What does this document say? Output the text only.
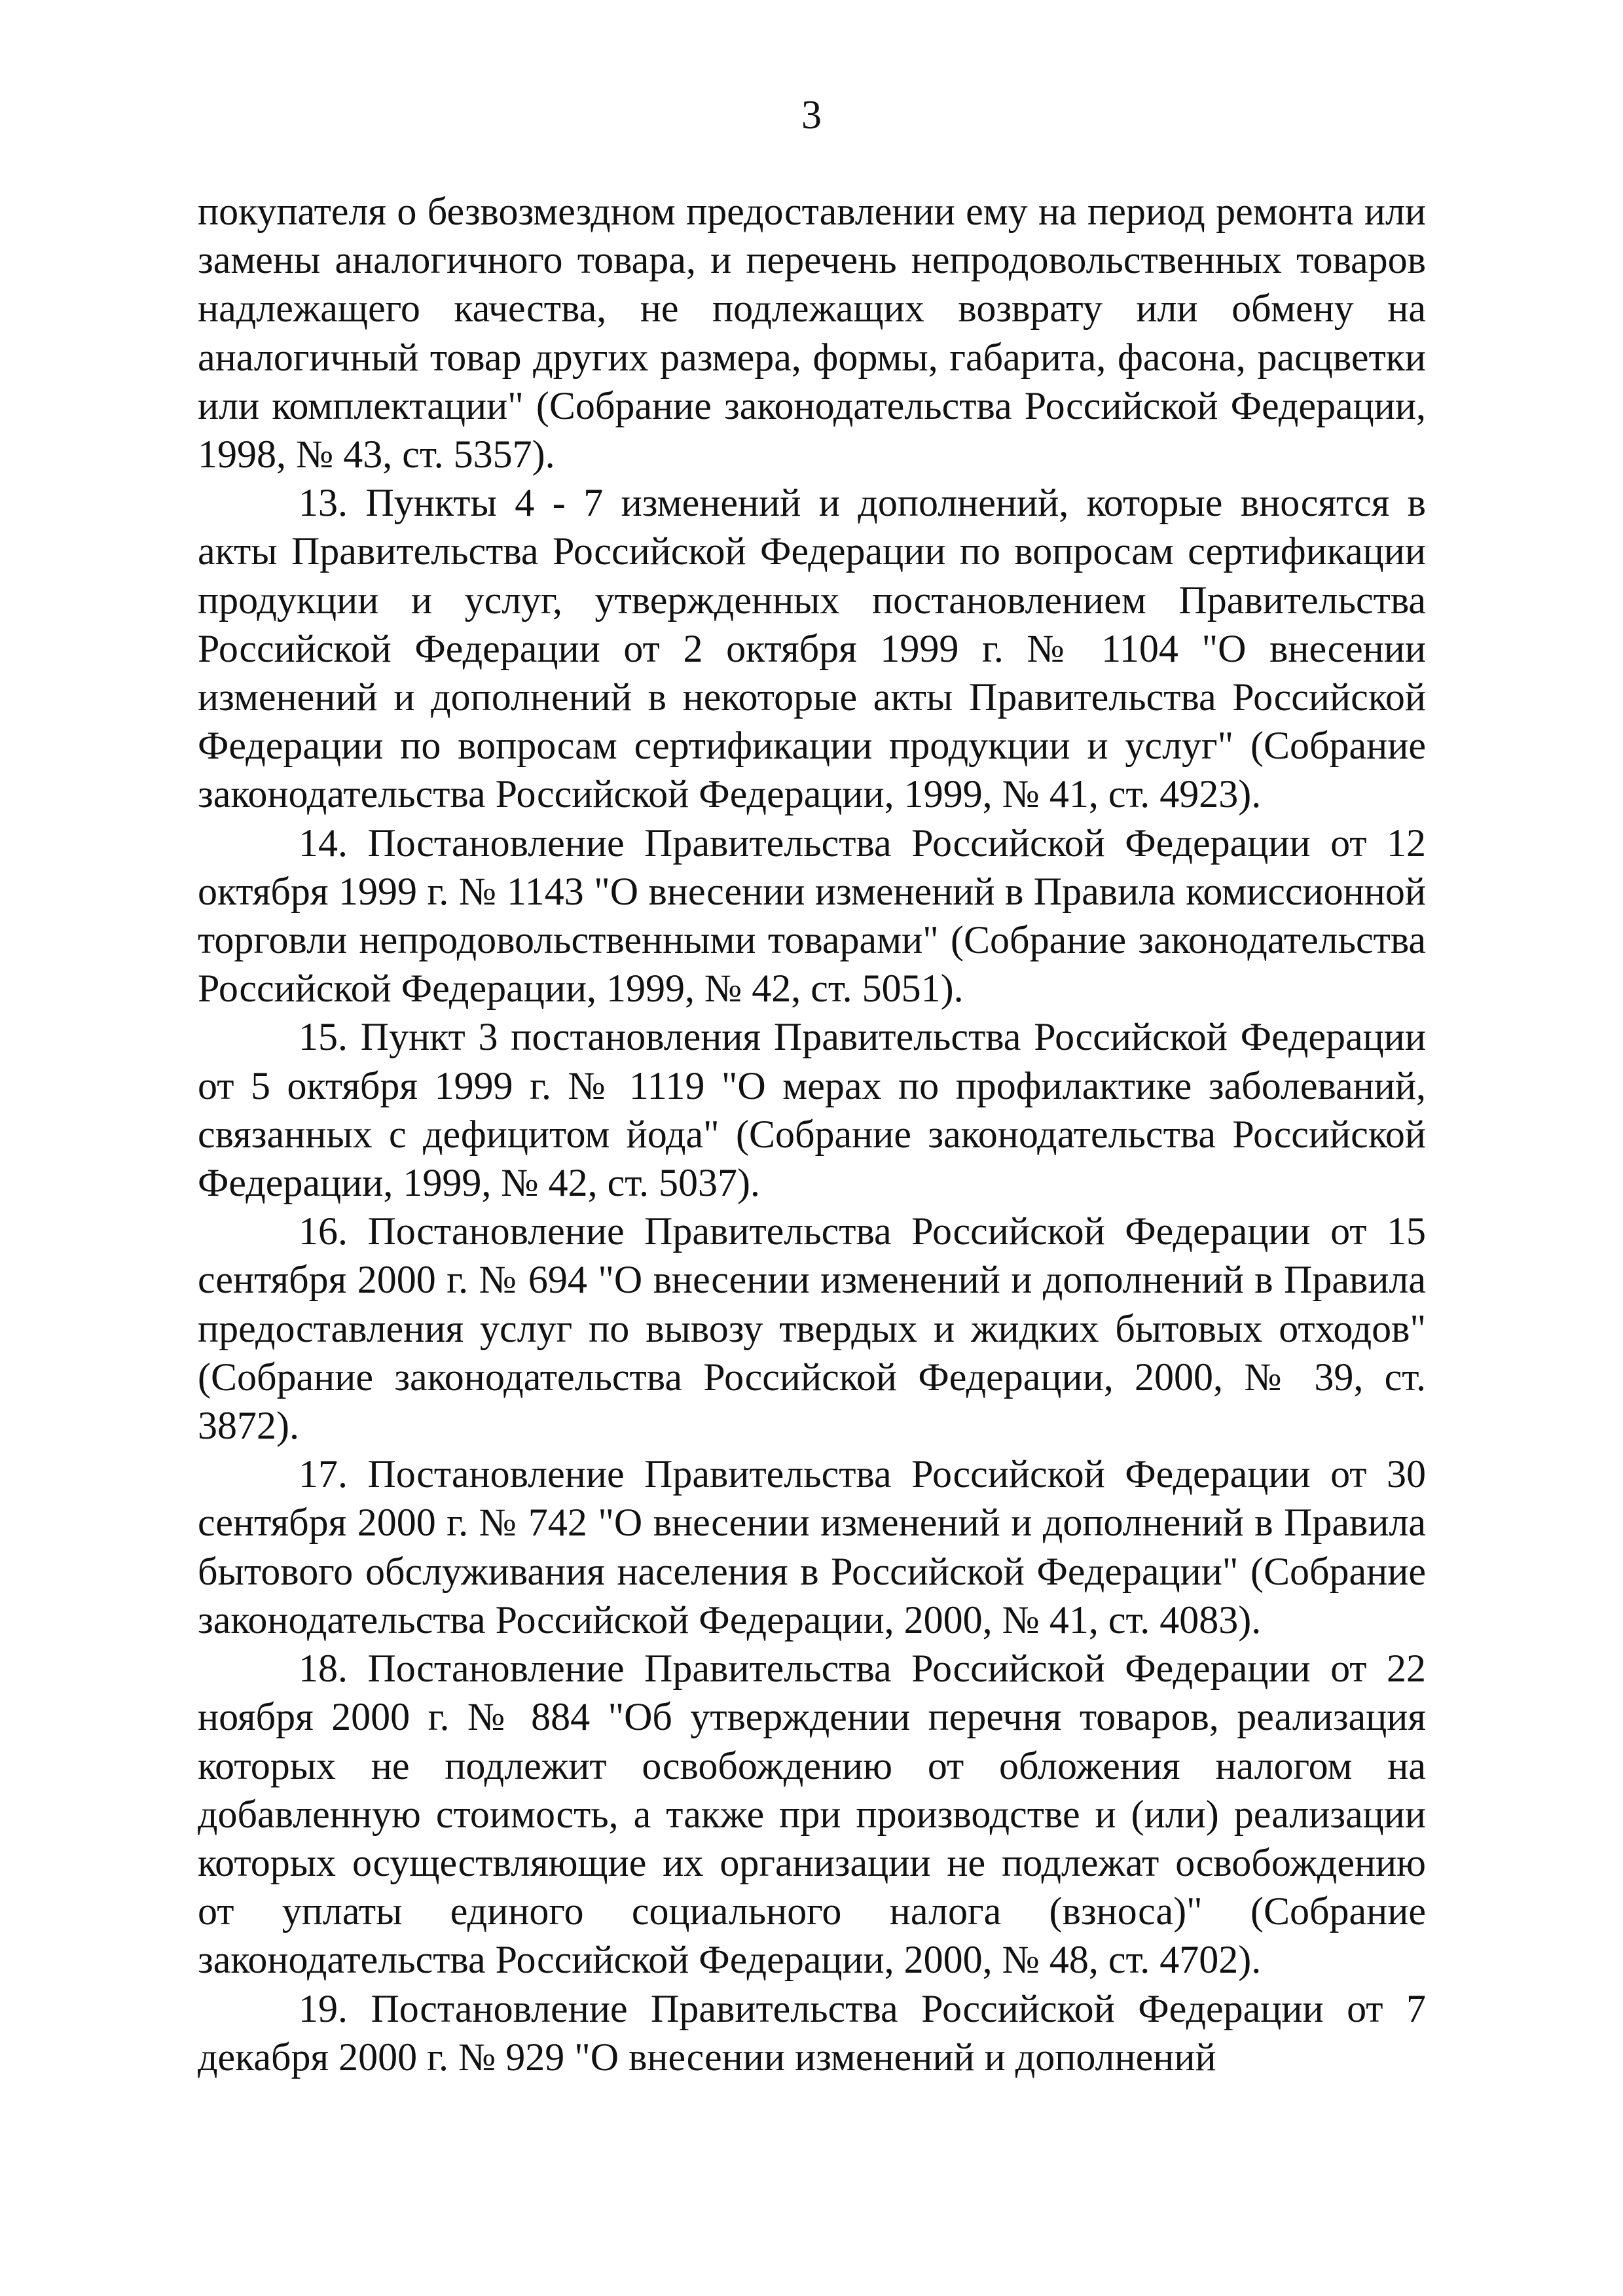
3

покупателя о безвозмездном предоставлении ему на период ремонта или замены аналогичного товара, и перечень непродовольственных товаров надлежащего качества, не подлежащих возврату или обмену на аналогичный товар других размера, формы, габарита, фасона, расцветки или комплектации" (Собрание законодательства Российской Федерации, 1998, № 43, ст. 5357).

13. Пункты 4 - 7 изменений и дополнений, которые вносятся в акты Правительства Российской Федерации по вопросам сертификации продукции и услуг, утвержденных постановлением Правительства Российской Федерации от 2 октября 1999 г. № 1104 "О внесении изменений и дополнений в некоторые акты Правительства Российской Федерации по вопросам сертификации продукции и услуг" (Собрание законодательства Российской Федерации, 1999, № 41, ст. 4923).

14. Постановление Правительства Российской Федерации от 12 октября 1999 г. № 1143 "О внесении изменений в Правила комиссионной торговли непродовольственными товарами" (Собрание законодательства Российской Федерации, 1999, № 42, ст. 5051).

15. Пункт 3 постановления Правительства Российской Федерации от 5 октября 1999 г. № 1119 "О мерах по профилактике заболеваний, связанных с дефицитом йода" (Собрание законодательства Российской Федерации, 1999, № 42, ст. 5037).

16. Постановление Правительства Российской Федерации от 15 сентября 2000 г. № 694 "О внесении изменений и дополнений в Правила предоставления услуг по вывозу твердых и жидких бытовых отходов" (Собрание законодательства Российской Федерации, 2000, № 39, ст. 3872).

17. Постановление Правительства Российской Федерации от 30 сентября 2000 г. № 742 "О внесении изменений и дополнений в Правила бытового обслуживания населения в Российской Федерации" (Собрание законодательства Российской Федерации, 2000, № 41, ст. 4083).

18. Постановление Правительства Российской Федерации от 22 ноября 2000 г. № 884 "Об утверждении перечня товаров, реализация которых не подлежит освобождению от обложения налогом на добавленную стоимость, а также при производстве и (или) реализации которых осуществляющие их организации не подлежат освобождению от уплаты единого социального налога (взноса)" (Собрание законодательства Российской Федерации, 2000, № 48, ст. 4702).

19. Постановление Правительства Российской Федерации от 7 декабря 2000 г. № 929 "О внесении изменений и дополнений
